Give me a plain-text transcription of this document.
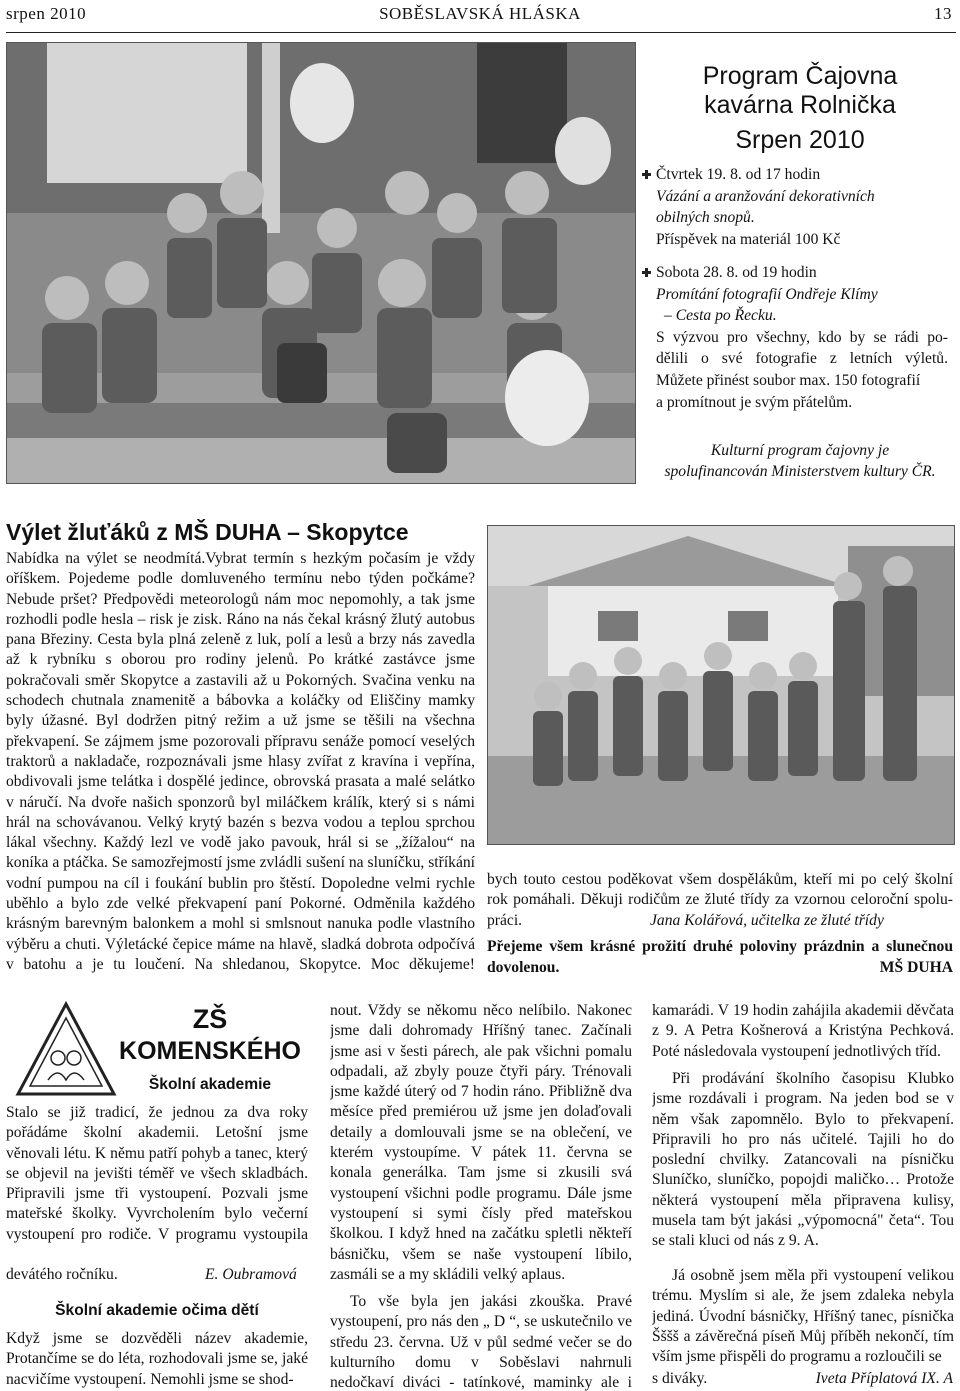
srpen 2010	SOBĚSLAVSKÁ HLÁSKA	13
Program Čajovna
kavárna Rolnička
Srpen 2010
Čtvrtek 19. 8. od 17 hodin
Vázání a aranžování dekorativních
obilných snopů.
Příspěvek na materiál 100 Kč
Sobota 28. 8. od 19 hodin
Promítání fotografií Ondřeje Klímy
– Cesta po Řecku.
S výzvou pro všechny, kdo by se rádi po-
dělili o své fotografie z letních výletů.
Můžete přinést soubor max. 150 fotografií
a promítnout je svým přátelům.
Kulturní program čajovny je
spolufinancován Ministerstvem kultury ČR.
Výlet žluťáků z MŠ DUHA – Skopytce
Nabídka na výlet se neodmítá.Vybrat termín s hezkým počasím je vždy oříškem. Pojedeme podle domluveného termínu nebo týden počkáme? Nebude pršet? Předpovědi meteorologů nám moc nepomohly, a tak jsme rozhodli podle hesla – risk je zisk. Ráno na nás čekal krásný žlutý autobus pana Březiny. Cesta byla plná zeleně z luk, polí a lesů a brzy nás zavedla až k rybníku s oborou pro rodiny jelenů. Po krátké zastávce jsme pokračovali směr Skopytce a zastavili až u Pokorných. Svačina venku na schodech chutnala znamenitě a bábovka a koláčky od Eliščiny mamky byly úžasné. Byl dodržen pitný režim a už jsme se těšili na všechna překvapení. Se zájmem jsme pozorovali přípravu senáže pomocí veselých traktorů a nakladače, rozpoznávali jsme hlasy zvířat z kravína i vepřína, obdivovali jsme telátka i dospělé jedince, obrovská prasata a malé selátko v náručí. Na dvoře našich sponzorů byl miláčkem králík, který si s námi hrál na schovávanou. Velký krytý bazén s bezva vodou a teplou sprchou lákal všechny. Každý lezl ve vodě jako pavouk, hrál si se „žížalou“ na koníka a ptáčka. Se samozřejmostí jsme zvládli sušení na sluníčku, stříkání vodní pumpou na cíl i foukání bublin pro štěstí. Dopoledne velmi rychle uběhlo a bylo zde velké překvapení paní Pokorné. Odměnila každého krásným barevným balonkem a mohl si smlsnout nanuka podle vlastního výběru a chuti. Výletácké čepice máme na hlavě, sladká dobrota odpočívá v batohu a je tu loučení. Na shledanou, Skopytce. Moc děkujeme!
bych touto cestou poděkovat všem dospělákům, kteří mi po celý školní
rok pomáhali. Děkuji rodičům ze žluté třídy za vzornou celoroční spolu-
práci.	Jana Kolářová, učitelka ze žluté třídy
Přejeme všem krásné prožití druhé poloviny prázdnin a slunečnou
dovolenou.	MŠ DUHA
ZŠ
KOMENSKÉHO
Školní akademie
Stalo se již tradicí, že jednou za dva roky pořádáme školní akademii. Letošní jsme věnovali létu. K němu patří pohyb a tanec, který se objevil na jevišti téměř ve všech skladbách. Připravili jsme tři vystoupení. Pozvali jsme mateřské školky. Vyvrcholením bylo večerní vystoupení pro rodiče. V programu vystoupila
devátého ročníku.	E. Oubramová
Školní akademie očima dětí
Když jsme se dozvěděli název akademie, Protančíme se do léta, rozhodovali jsme se, jaké nacvičíme vystoupení. Nemohli jsme se shod-
nout. Vždy se někomu něco nelíbilo. Nakonec jsme dali dohromady Hříšný tanec. Začínali jsme asi v šesti párech, ale pak všichni pomalu odpadali, až zbyly pouze čtyři páry. Trénovali jsme každé úterý od 7 hodin ráno. Přibližně dva měsíce před premiérou už jsme jen dolaďovali detaily a domlouvali jsme se na oblečení, ve kterém vystoupíme. V pátek 11. června se konala generálka. Tam jsme si zkusili svá vystoupení všichni podle programu. Dále jsme vystoupení si symi čísly před mateřskou školkou. I když hned na začátku spletli někteří básničku, všem se naše vystoupení líbilo, zasmáli se a my skládili velký aplaus.
To vše byla jen jakási zkouška. Pravé vystoupení, pro nás den „ D “, se uskutečnilo ve středu 23. června. Už v půl sedmé večer se do kulturního domu v Soběslavi nahrnuli nedočkaví diváci - tatínkové, maminky ale i
kamarádi. V 19 hodin zahájila akademii děvčata z 9. A Petra Košnerová a Kristýna Pechková. Poté následovala vystoupení jednotlivých tříd.
Při prodávání školního časopisu Klubko jsme rozdávali i program. Na jeden bod se v něm však zapomnělo. Bylo to překvapení. Připravili ho pro nás učitelé. Tajili ho do poslední chvilky. Zatancovali na písničku Sluníčko, sluníčko, popojdi maličko… Protože některá vystoupení měla připravena kulisy, musela tam být jakási „výpomocná" četa“. Tou se stali kluci od nás z 9. A.
Já osobně jsem měla při vystoupení velikou trému. Myslím si ale, že jsem zdaleka nebyla jediná. Úvodní básničky, Hříšný tanec, písnička Šššš a závěrečná píseň Můj příběh nekončí, tím vším jsme přispěli do programu a rozloučili se
s diváky.	Iveta Příplatová IX. A
